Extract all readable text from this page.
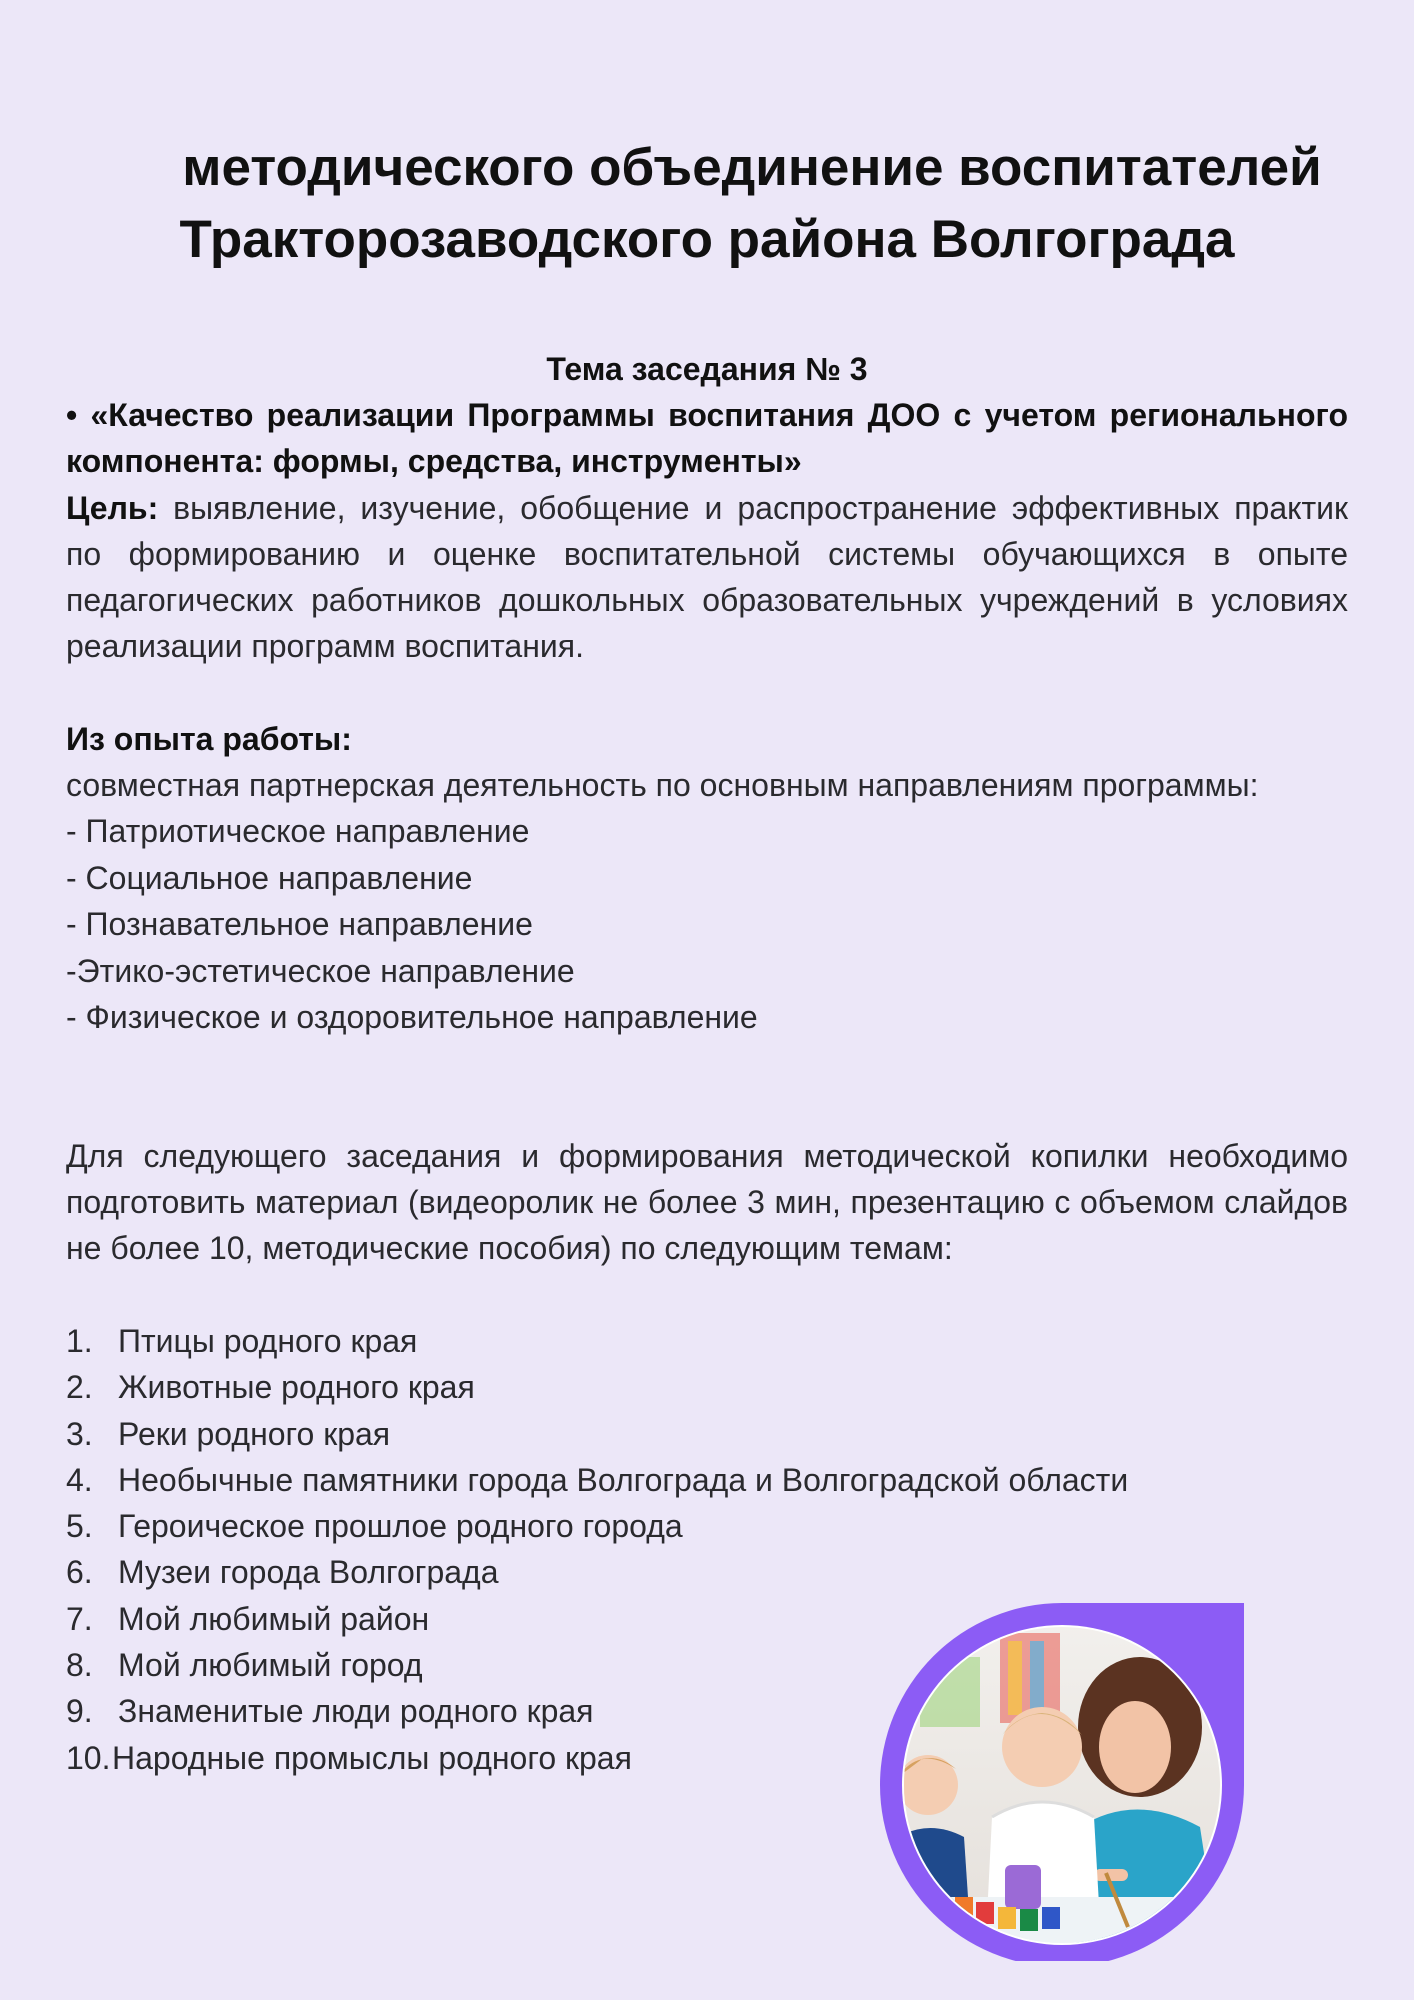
методического объединение воспитателей
Тракторозаводского района Волгограда
Тема заседания № 3
• «Качество реализации Программы воспитания ДОО с учетом регионального компонента: формы, средства, инструменты»
Цель: выявление, изучение, обобщение и распространение эффективных практик по формированию и оценке воспитательной системы обучающихся в опыте педагогических работников дошкольных образовательных учреждений в условиях реализации программ воспитания.
Из опыта работы:
совместная партнерская деятельность по основным направлениям программы:
- Патриотическое направление
- Социальное направление
- Познавательное направление
-Этико-эстетическое направление
- Физическое и оздоровительное направление
Для следующего заседания и формирования методической копилки необходимо подготовить материал (видеоролик не более 3 мин, презентацию с объемом слайдов не более 10, методические пособия) по следующим темам:
1. Птицы родного края
2. Животные родного края
3. Реки родного края
4. Необычные памятники города Волгограда и Волгоградской области
5. Героическое прошлое родного города
6. Музеи города Волгограда
7. Мой любимый район
8. Мой любимый город
9. Знаменитые люди родного края
10. Народные промыслы родного края
